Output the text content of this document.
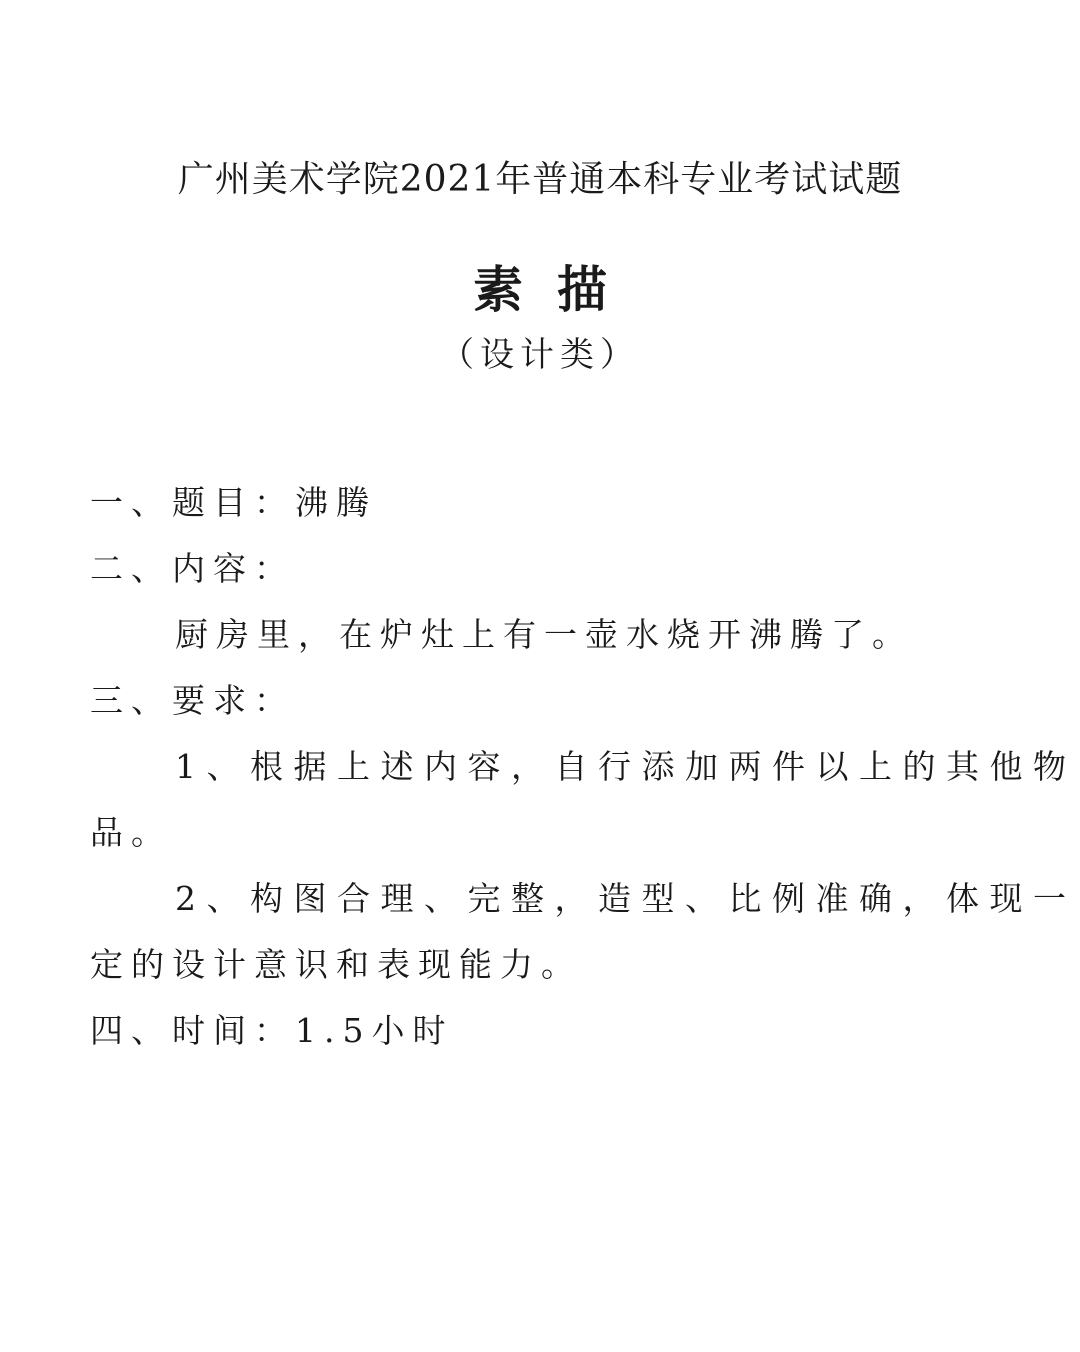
广州美术学院2021年普通本科专业考试试题
素描
（设计类）
一、题目：沸腾
二、内容：
厨房里，在炉灶上有一壶水烧开沸腾了。
三、要求：
1、根据上述内容，自行添加两件以上的其他物
品。
2、构图合理、完整，造型、比例准确，体现一
定的设计意识和表现能力。
四、时间：1.5小时
